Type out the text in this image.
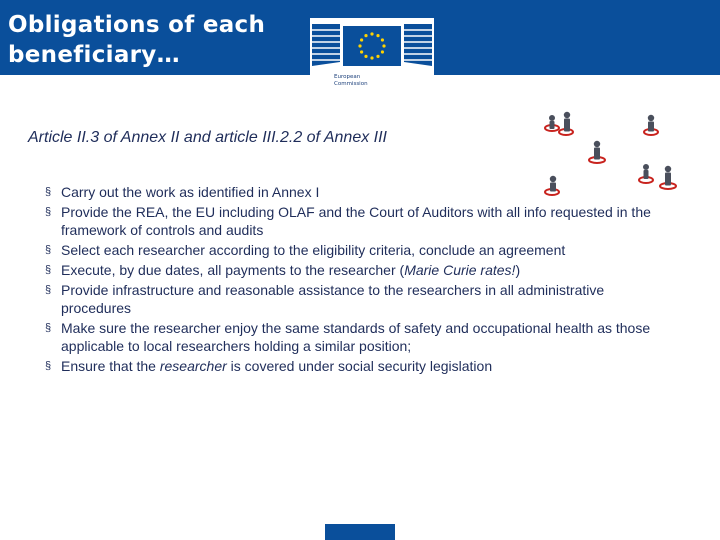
Obligations of each
beneficiary…
European
Commission
Article II.3 of Annex II and article III.2.2 of Annex III
§ Carry out the work as identified in Annex I
§ Provide the REA, the EU including OLAF and the Court of Auditors with all info requested in the framework of controls and audits
§ Select each researcher according to the eligibility criteria, conclude an agreement
§ Execute, by due dates, all payments to the researcher (Marie Curie rates!)
§ Provide infrastructure and reasonable assistance to the researchers in all administrative procedures
§ Make sure the researcher enjoy the same standards of safety and occupational health as those applicable to local researchers holding a similar position;
§ Ensure that the researcher is covered under social security legislation
